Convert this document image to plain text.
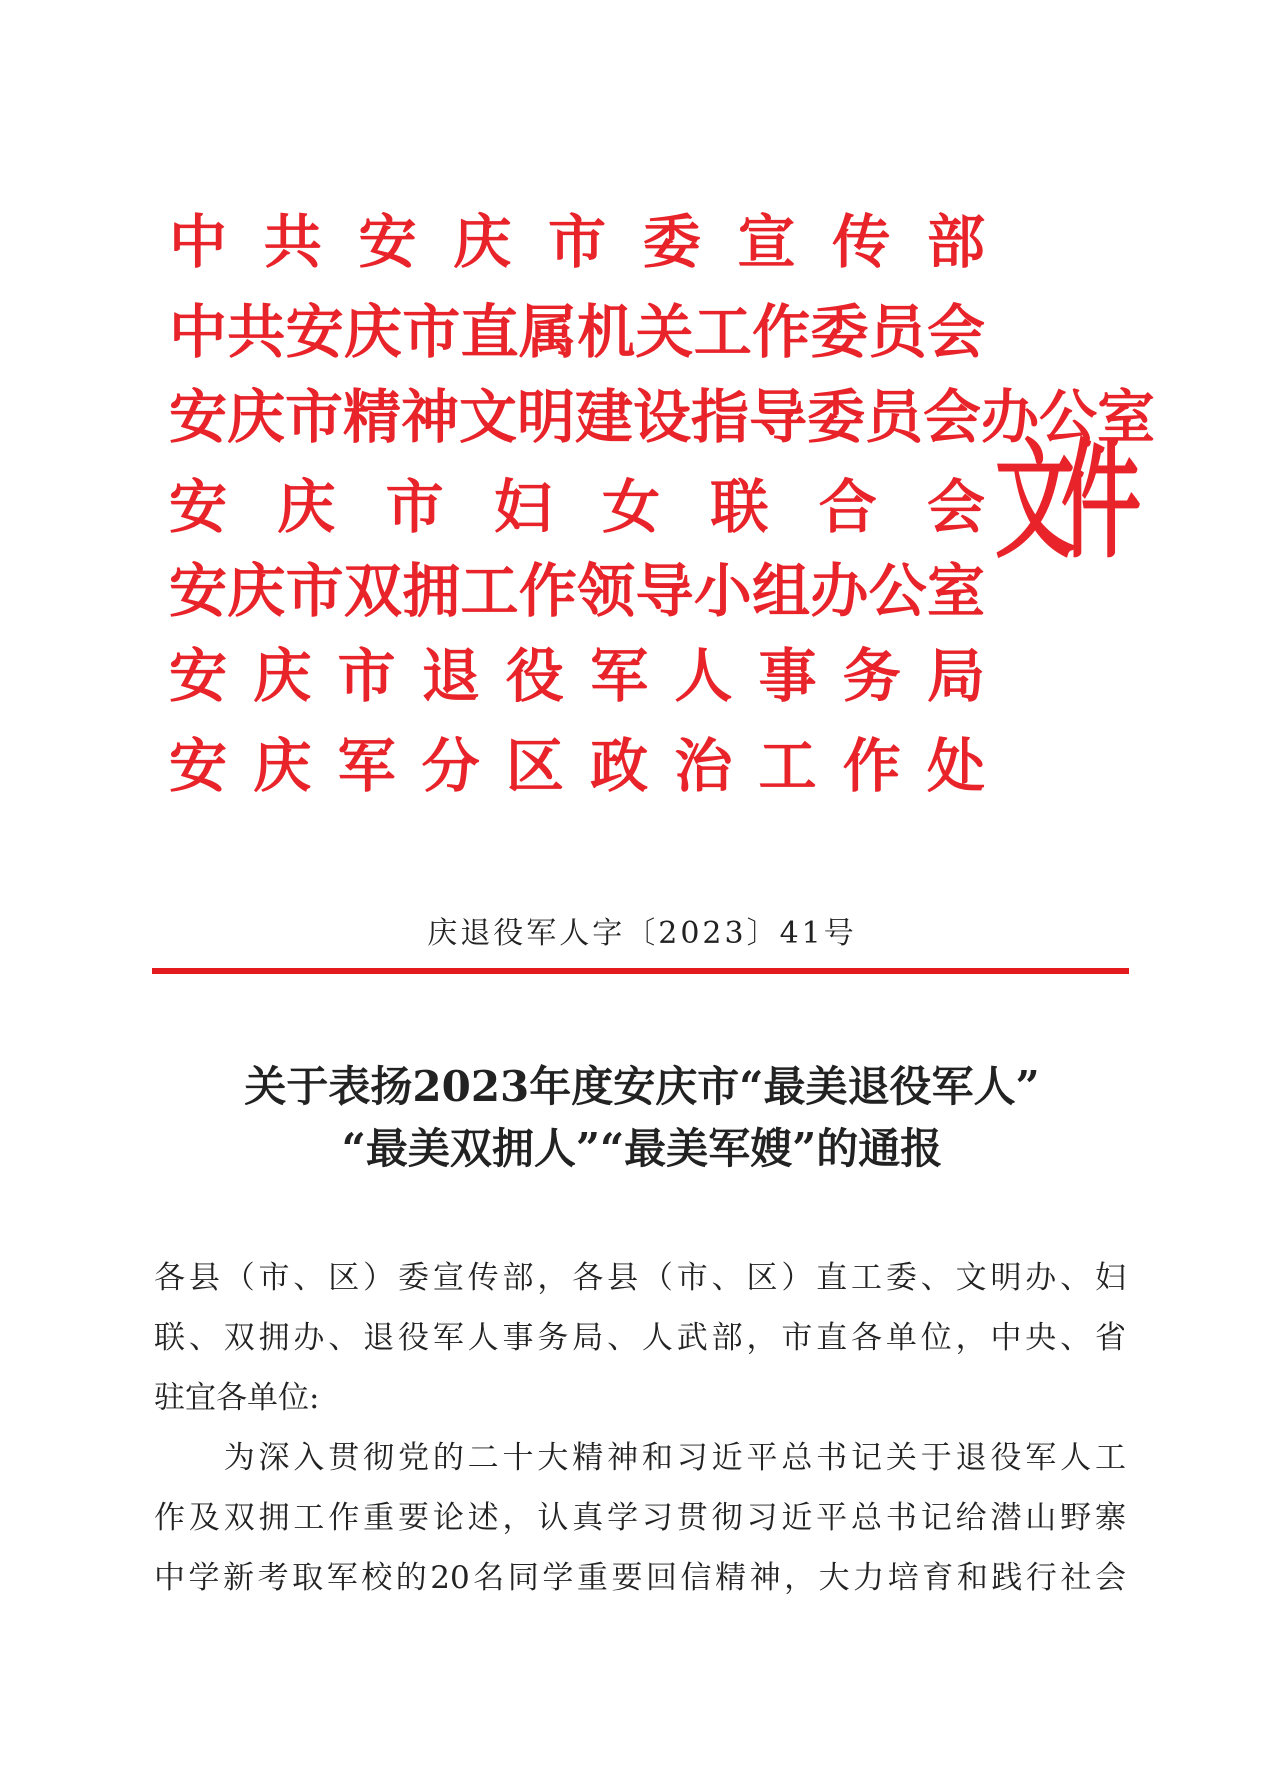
中共安庆市委宣传部
中共安庆市直属机关工作委员会
安庆市精神文明建设指导委员会办公室
安庆市妇女联合会
安庆市双拥工作领导小组办公室
安庆市退役军人事务局
安庆军分区政治工作处
文件
庆退役军人字〔2023〕41号
关于表扬2023年度安庆市“最美退役军人”
“最美双拥人”“最美军嫂”的通报
各县（市、区）委宣传部，各县（市、区）直工委、文明办、妇
联、双拥办、退役军人事务局、人武部，市直各单位，中央、省
驻宜各单位:
　　为深入贯彻党的二十大精神和习近平总书记关于退役军人工
作及双拥工作重要论述，认真学习贯彻习近平总书记给潜山野寨
中学新考取军校的20名同学重要回信精神，大力培育和践行社会
